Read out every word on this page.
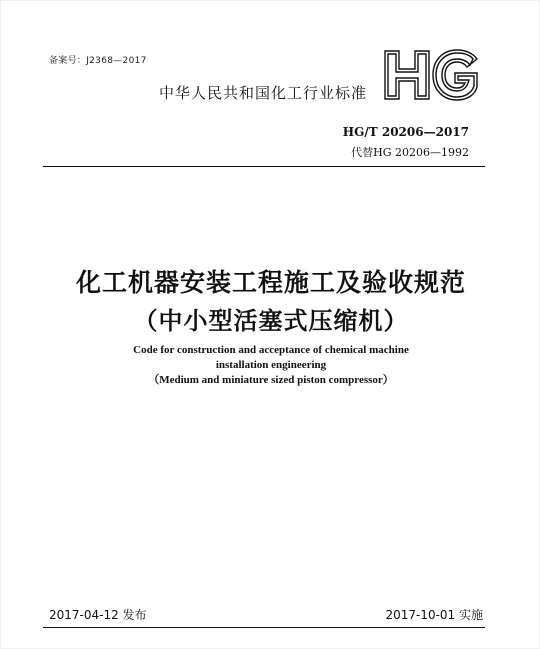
备案号：J2368—2017
中华人民共和国化工行业标准
HG
HG/T 20206—2017
代替HG 20206—1992
化工机器安装工程施工及验收规范
（中小型活塞式压缩机）
Code for construction and acceptance of chemical machine
installation engineering
（Medium and miniature sized piston compressor）
2017-04-12 发布	2017-10-01 实施
